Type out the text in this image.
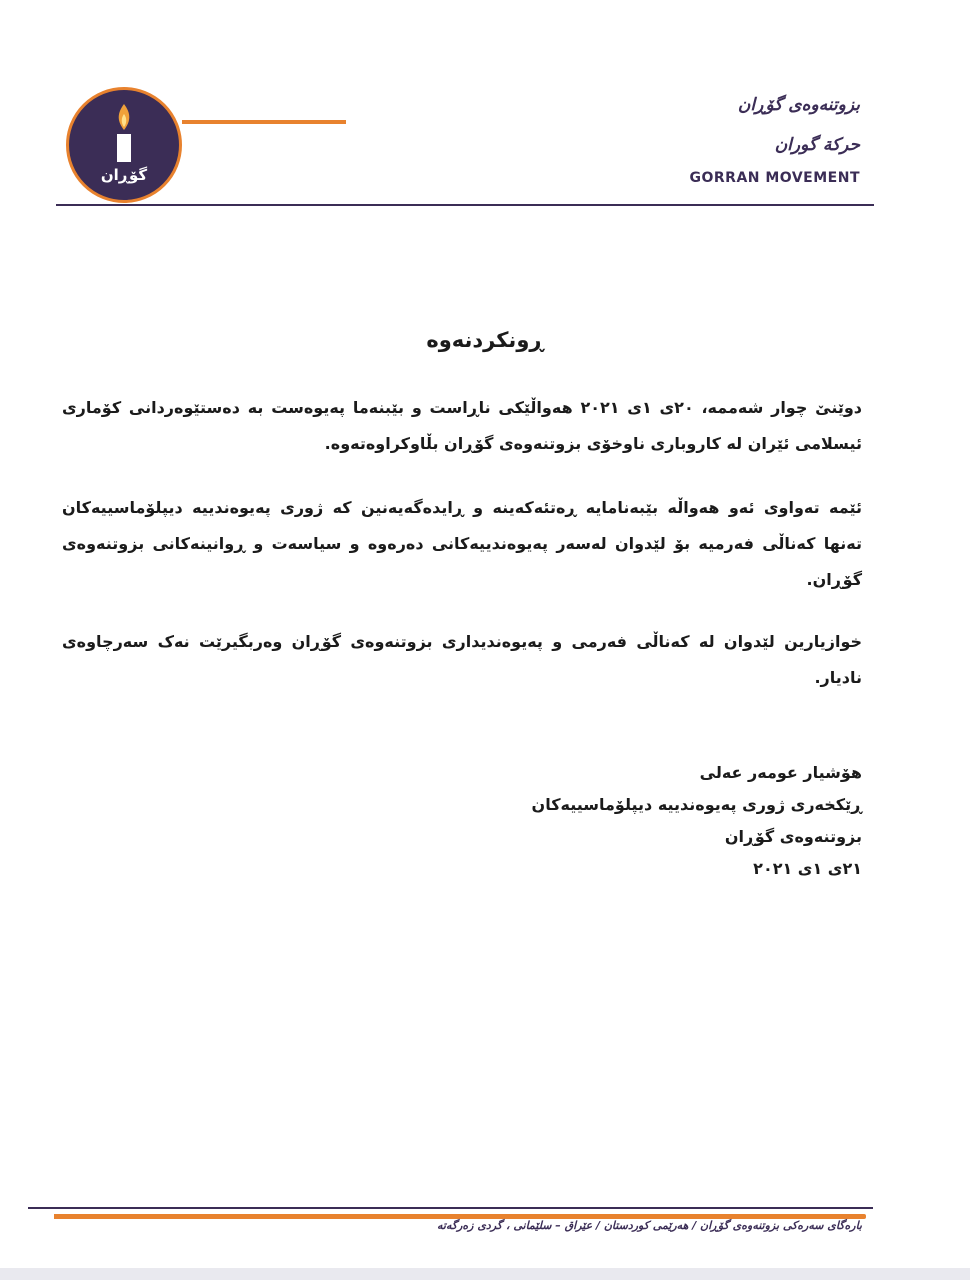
گۆڕان
بزوتنەوەی گۆڕان
حركة گوران
GORRAN MOVEMENT
ڕونکردنەوە
دوێنێ چوار شەممە، ٢٠ی ١ی ٢٠٢١ هەواڵێکی ناڕاست و بێبنەما پەیوەست بە دەستێوەردانی کۆماری ئیسلامی ئێران لە کاروباری ناوخۆی بزوتنەوەی گۆڕان بڵاوکراوەتەوە.
ئێمە تەواوی ئەو هەواڵە بێبەنامایە ڕەتئەکەینە و ڕایدەگەیەنین کە ژوری پەیوەندییە دیپلۆماسییەکان تەنها کەناڵی فەرمیە بۆ لێدوان لەسەر پەیوەندییەکانی دەرەوە و سیاسەت و ڕوانینەکانی بزوتنەوەی گۆڕان.
خوازیارین لێدوان لە کەناڵی فەرمی و پەیوەندیداری بزوتنەوەی گۆڕان وەربگیرێت نەک سەرچاوەی نادیار.
هۆشیار عومەر عەلی
ڕێکخەری ژوری پەیوەندییە دیپلۆماسییەکان
بزوتنەوەی گۆڕان
٢١ی ١ی ٢٠٢١
بارەگای سەرەکی بزوتنەوەی گۆڕان / هەرێمی کوردستان / عێراق – سلێمانی ، گردی زەرگەتە
